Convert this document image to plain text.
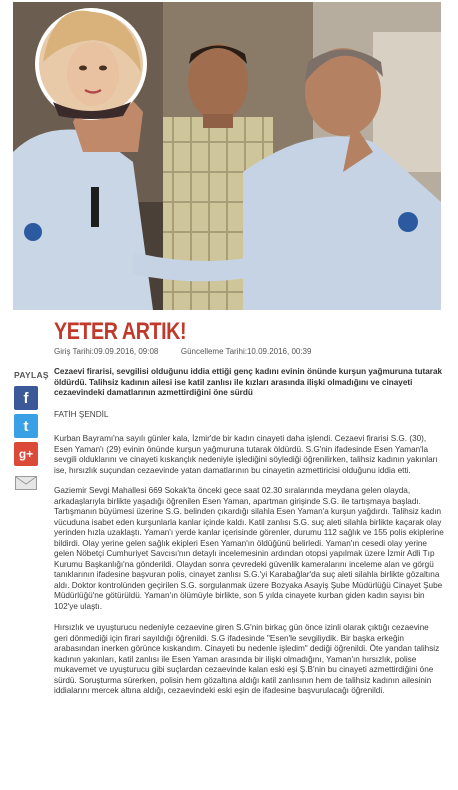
YETER ARTIK!
Giriş Tarihi:09.09.2016, 09:08	Güncelleme Tarihi:10.09.2016, 00:39
PAYLAŞ
f
t
g+

Cezaevi firarisi, sevgilisi olduğunu iddia ettiği genç kadını evinin önünde kurşun yağmuruna tutarak öldürdü. Talihsiz kadının ailesi ise katil zanlısı ile kızları arasında ilişki olmadığını ve cinayeti cezaevindeki damatlarının azmettirdiğini öne sürdü

FATİH ŞENDİL

Kurban Bayramı'na sayılı günler kala, İzmir'de bir kadın cinayeti daha işlendi. Cezaevi firarisi S.G. (30), Esen Yaman'ı (29) evinin önünde kurşun yağmuruna tutarak öldürdü. S.G'nin ifadesinde Esen Yaman'la sevgili olduklarını ve cinayeti kıskançlık nedeniyle işlediğini söylediği öğrenilirken, talihsiz kadının yakınları ise, hırsızlık suçundan cezaevinde yatan damatlarının bu cinayetin azmettiricisi olduğunu iddia etti.

Gaziemir Sevgi Mahallesi 669 Sokak'ta önceki gece saat 02.30 sıralarında meydana gelen olayda, arkadaşlarıyla birlikte yaşadığı öğrenilen Esen Yaman, apartman girişinde S.G. ile tartışmaya başladı. Tartışmanın büyümesi üzerine S.G. belinden çıkardığı silahla Esen Yaman'a kurşun yağdırdı. Talihsiz kadın vücuduna isabet eden kurşunlarla kanlar içinde kaldı. Katil zanlısı S.G. suç aleti silahla birlikte kaçarak olay yerinden hızla uzaklaştı. Yaman'ı yerde kanlar içerisinde görenler, durumu 112 sağlık ve 155 polis ekiplerine bildirdi. Olay yerine gelen sağlık ekipleri Esen Yaman'ın öldüğünü belirledi. Yaman'ın cesedi olay yerine gelen Nöbetçi Cumhuriyet Savcısı'nın detaylı incelemesinin ardından otopsi yapılmak üzere İzmir Adli Tıp Kurumu Başkanlığı'na gönderildi. Olaydan sonra çevredeki güvenlik kameralarını inceleme alan ve görgü tanıklarının ifadesine başvuran polis, cinayet zanlısı S.G.'yi Karabağlar'da suç aleti silahla birlikte gözaltına aldı. Doktor kontrolünden geçirilen S.G. sorgulanmak üzere Bozyaka Asayiş Şube Müdürlüğü Cinayet Şube Müdürlüğü'ne götürüldü. Yaman'ın ölümüyle birlikte, son 5 yılda cinayete kurban giden kadın sayısı bin 102'ye ulaştı.

Hırsızlık ve uyuşturucu nedeniyle cezaevine giren S.G'nin birkaç gün önce izinli olarak çıktığı cezaevine geri dönmediği için firari sayıldığı öğrenildi. S.G ifadesinde "Esen'le sevgiliydik. Bir başka erkeğin arabasından inerken görünce kıskandım. Cinayeti bu nedenle işledim" dediği öğrenildi. Öte yandan talihsiz kadının yakınları, katil zanlısı ile Esen Yaman arasında bir ilişki olmadığını, Yaman'ın hırsızlık, polise mukavemet ve uyuşturucu gibi suçlardan cezaevinde kalan eski eşi Ş.B'nin bu cinayeti azmettirdiğini öne sürdü. Soruşturma sürerken, polisin hem gözaltına aldığı katil zanlısının hem de talihsiz kadının ailesinin iddialarını mercek altına aldığı, cezaevindeki eski eşin de ifadesine başvurulacağı öğrenildi.
